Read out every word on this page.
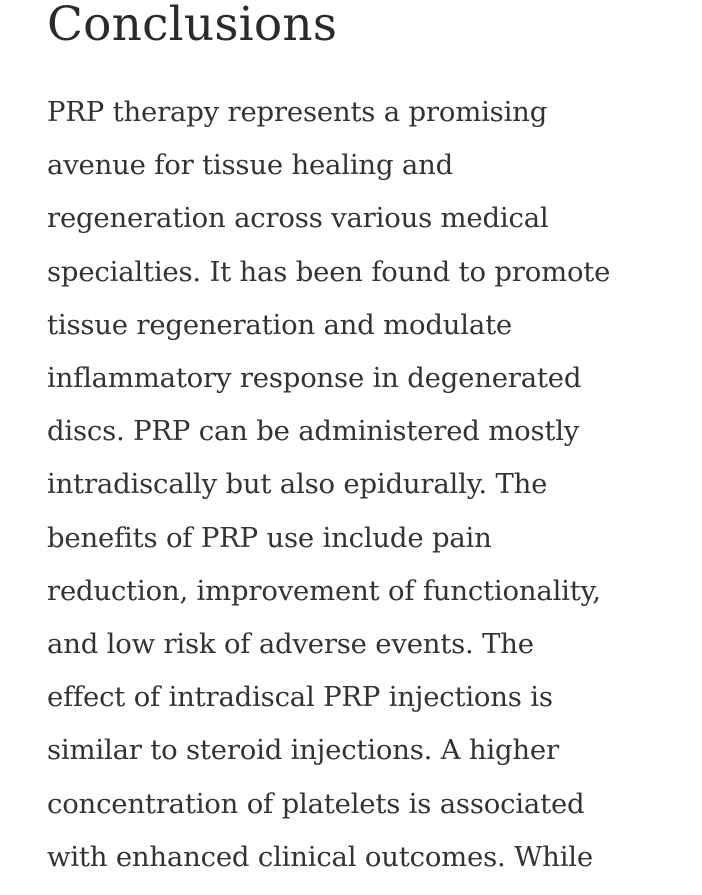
Conclusions
PRP therapy represents a promising
avenue for tissue healing and
regeneration across various medical
specialties. It has been found to promote
tissue regeneration and modulate
inflammatory response in degenerated
discs. PRP can be administered mostly
intradiscally but also epidurally. The
benefits of PRP use include pain
reduction, improvement of functionality,
and low risk of adverse events. The
effect of intradiscal PRP injections is
similar to steroid injections. A higher
concentration of platelets is associated
with enhanced clinical outcomes. While
